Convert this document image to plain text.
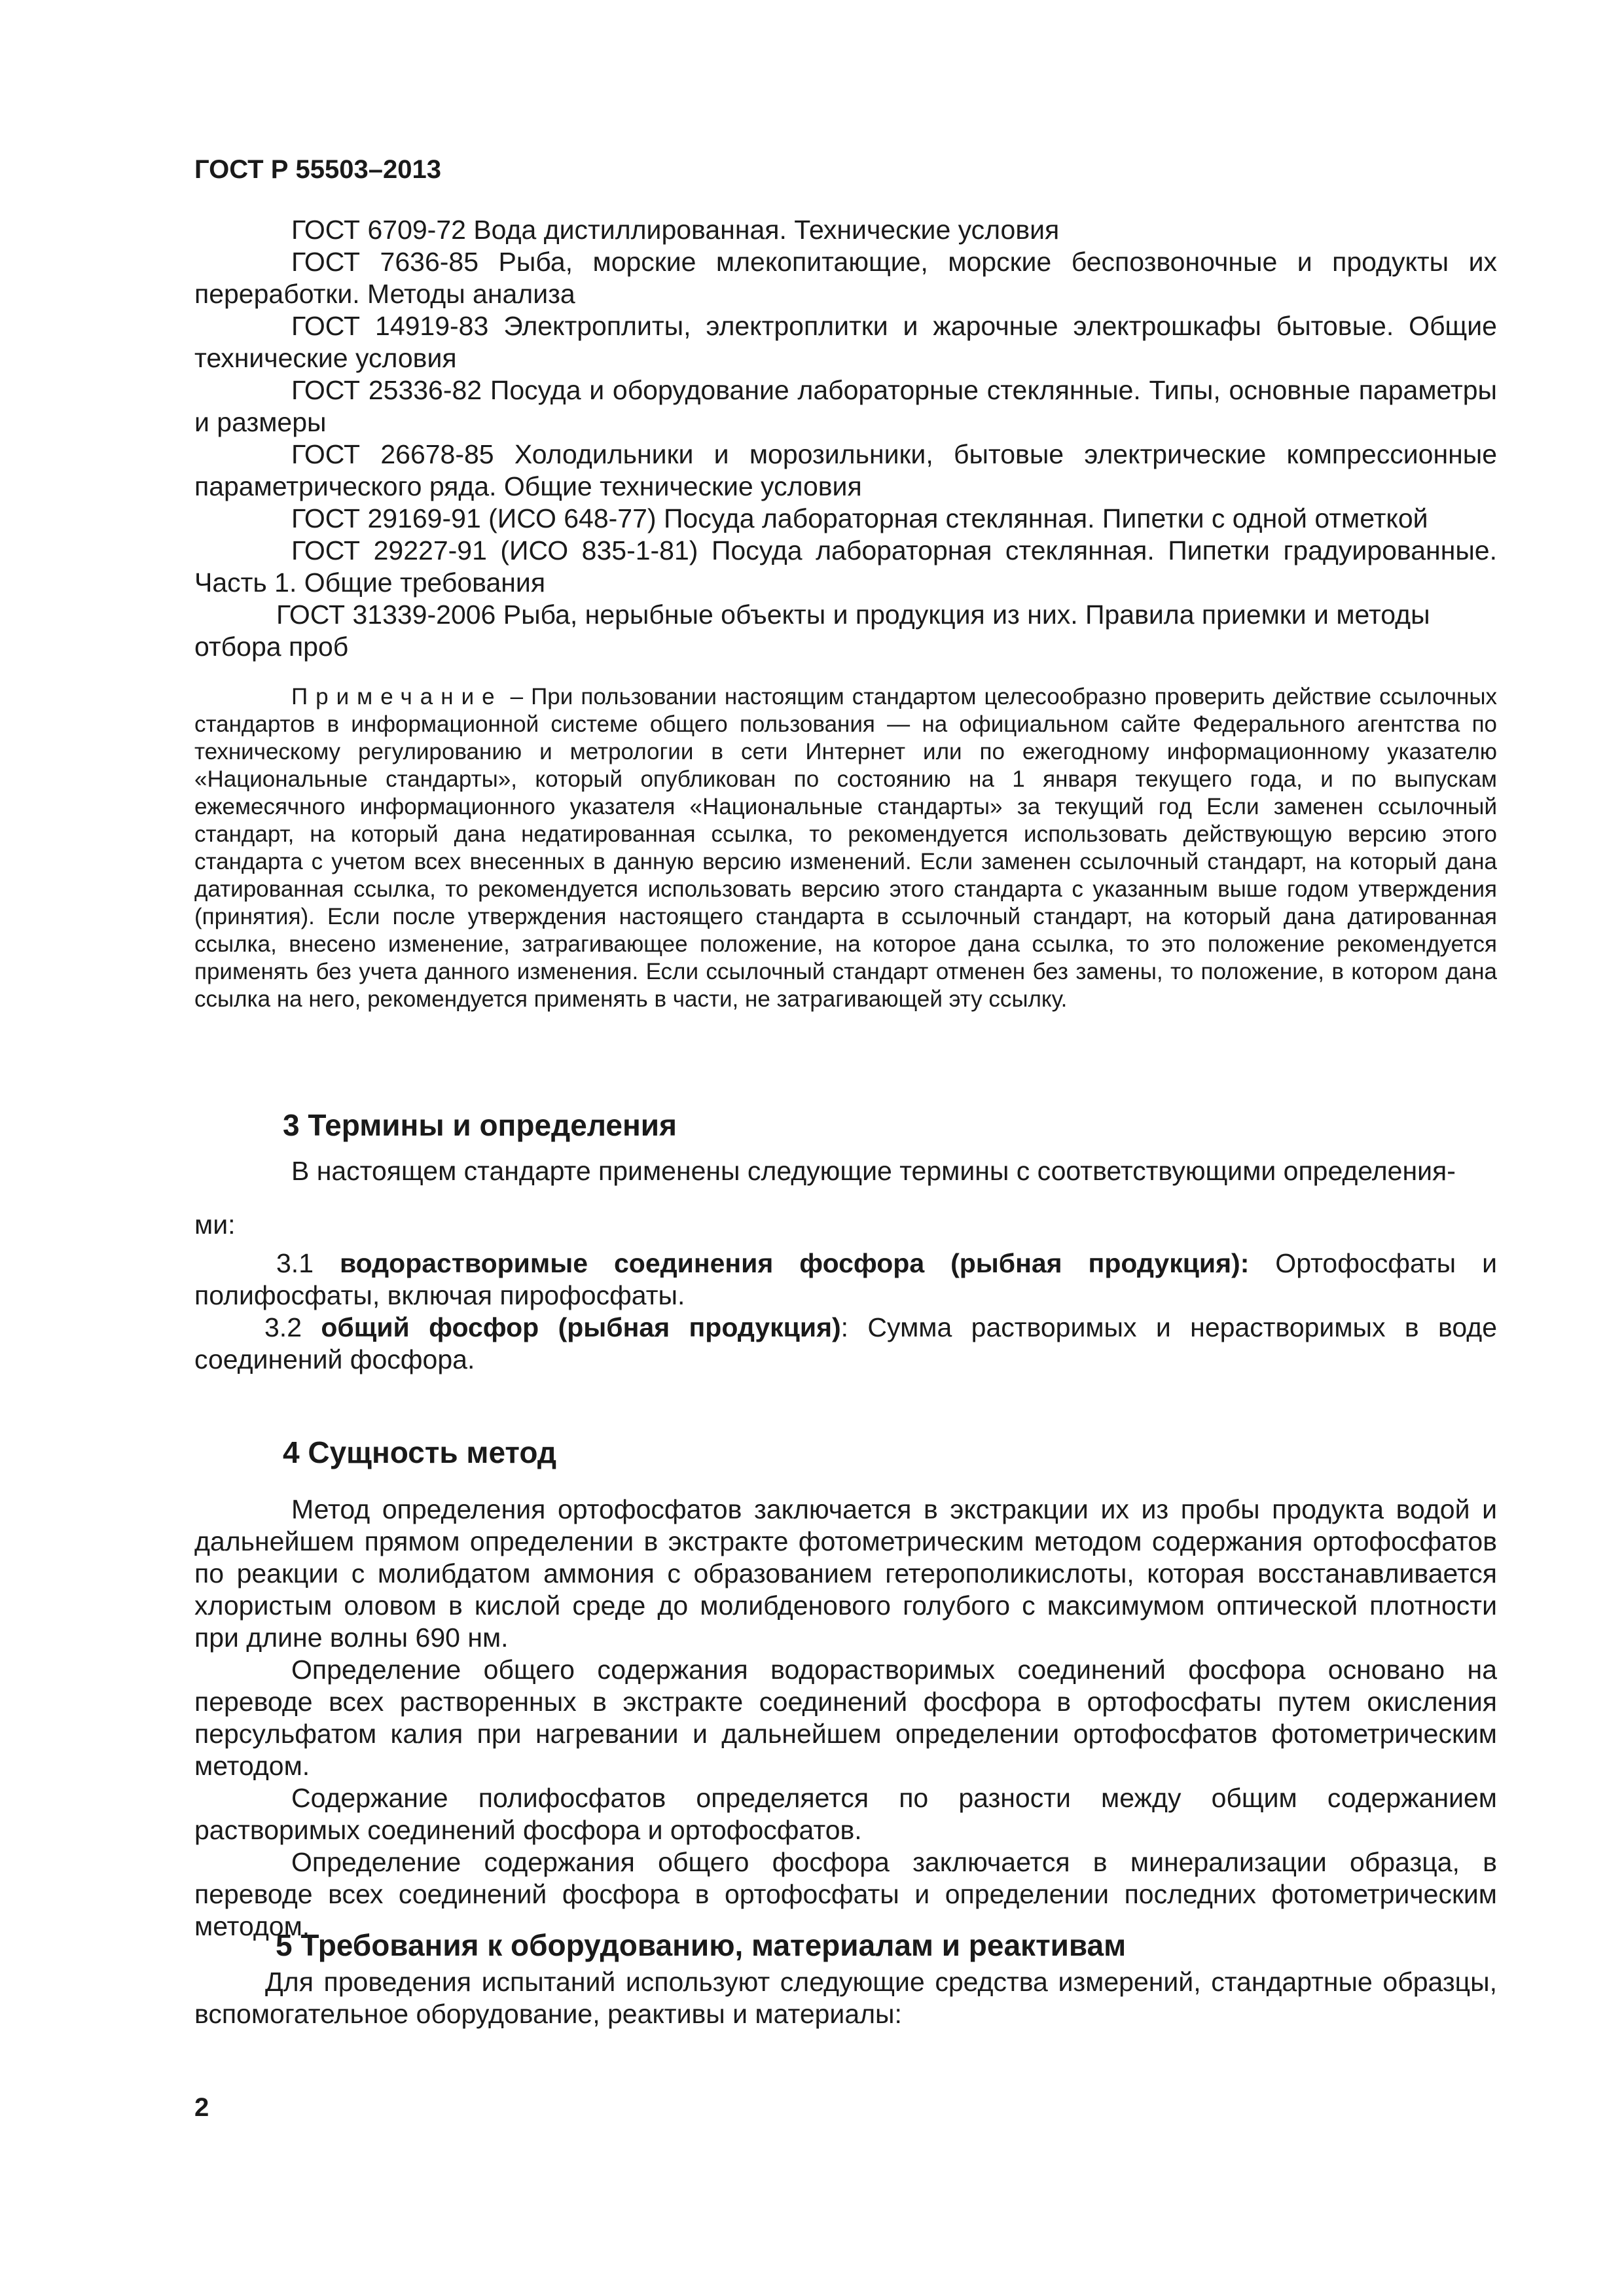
ГОСТ Р 55503–2013

ГОСТ 6709-72 Вода дистиллированная. Технические условия

ГОСТ 7636-85 Рыба, морские млекопитающие, морские беспозвоночные и продукты их переработки. Методы анализа

ГОСТ 14919-83 Электроплиты, электроплитки и жарочные электрошкафы бытовые. Общие технические условия

ГОСТ 25336-82 Посуда и оборудование лабораторные стеклянные. Типы, основные параметры и размеры

ГОСТ 26678-85 Холодильники и морозильники, бытовые электрические компрессионные параметрического ряда. Общие технические условия

ГОСТ 29169-91 (ИСО 648-77) Посуда лабораторная стеклянная. Пипетки с одной отметкой

ГОСТ 29227-91 (ИСО 835-1-81) Посуда лабораторная стеклянная. Пипетки градуированные. Часть 1. Общие требования

ГОСТ 31339-2006 Рыба, нерыбные объекты и продукция из них. Правила приемки и методы отбора проб

Примечание – При пользовании настоящим стандартом целесообразно проверить действие ссылочных стандартов в информационной системе общего пользования — на официальном сайте Федерального агентства по техническому регулированию и метрологии в сети Интернет или по ежегодному информационному указателю «Национальные стандарты», который опубликован по состоянию на 1 января текущего года, и по выпускам ежемесячного информационного указателя «Национальные стандарты» за текущий год Если заменен ссылочный стандарт, на который дана недатированная ссылка, то рекомендуется использовать действующую версию этого стандарта с учетом всех внесенных в данную версию изменений. Если заменен ссылочный стандарт, на который дана датированная ссылка, то рекомендуется использовать версию этого стандарта с указанным выше годом утверждения (принятия). Если после утверждения настоящего стандарта в ссылочный стандарт, на который дана датированная ссылка, внесено изменение, затрагивающее положение, на которое дана ссылка, то это положение рекомендуется применять без учета данного изменения. Если ссылочный стандарт отменен без замены, то положение, в котором дана ссылка на него, рекомендуется применять в части, не затрагивающей эту ссылку.

3 Термины и определения

В настоящем стандарте применены следующие термины с соответствующими определения-

ми:

3.1 водорастворимые соединения фосфора (рыбная продукция): Ортофосфаты и полифосфаты, включая пирофосфаты.

3.2 общий фосфор (рыбная продукция): Сумма растворимых и нерастворимых в воде соединений фосфора.

4 Сущность метод

Метод определения ортофосфатов заключается в экстракции их из пробы продукта водой и дальнейшем прямом определении в экстракте фотометрическим методом содержания ортофосфатов по реакции с молибдатом аммония с образованием гетерополикислоты, которая восстанавливается хлористым оловом в кислой среде до молибденового голубого с максимумом оптической плотности при длине волны 690 нм.

Определение общего содержания водорастворимых соединений фосфора основано на переводе всех растворенных в экстракте соединений фосфора в ортофосфаты путем окисления персульфатом калия при нагревании и дальнейшем определении ортофосфатов фотометрическим методом.

Содержание полифосфатов определяется по разности между общим содержанием растворимых соединений фосфора и ортофосфатов.

Определение содержания общего фосфора заключается в минерализации образца, в переводе всех соединений фосфора в ортофосфаты и определении последних фотометрическим методом.

5 Требования к оборудованию, материалам и реактивам

Для проведения испытаний используют следующие средства измерений, стандартные образцы, вспомогательное оборудование, реактивы и материалы:

2
